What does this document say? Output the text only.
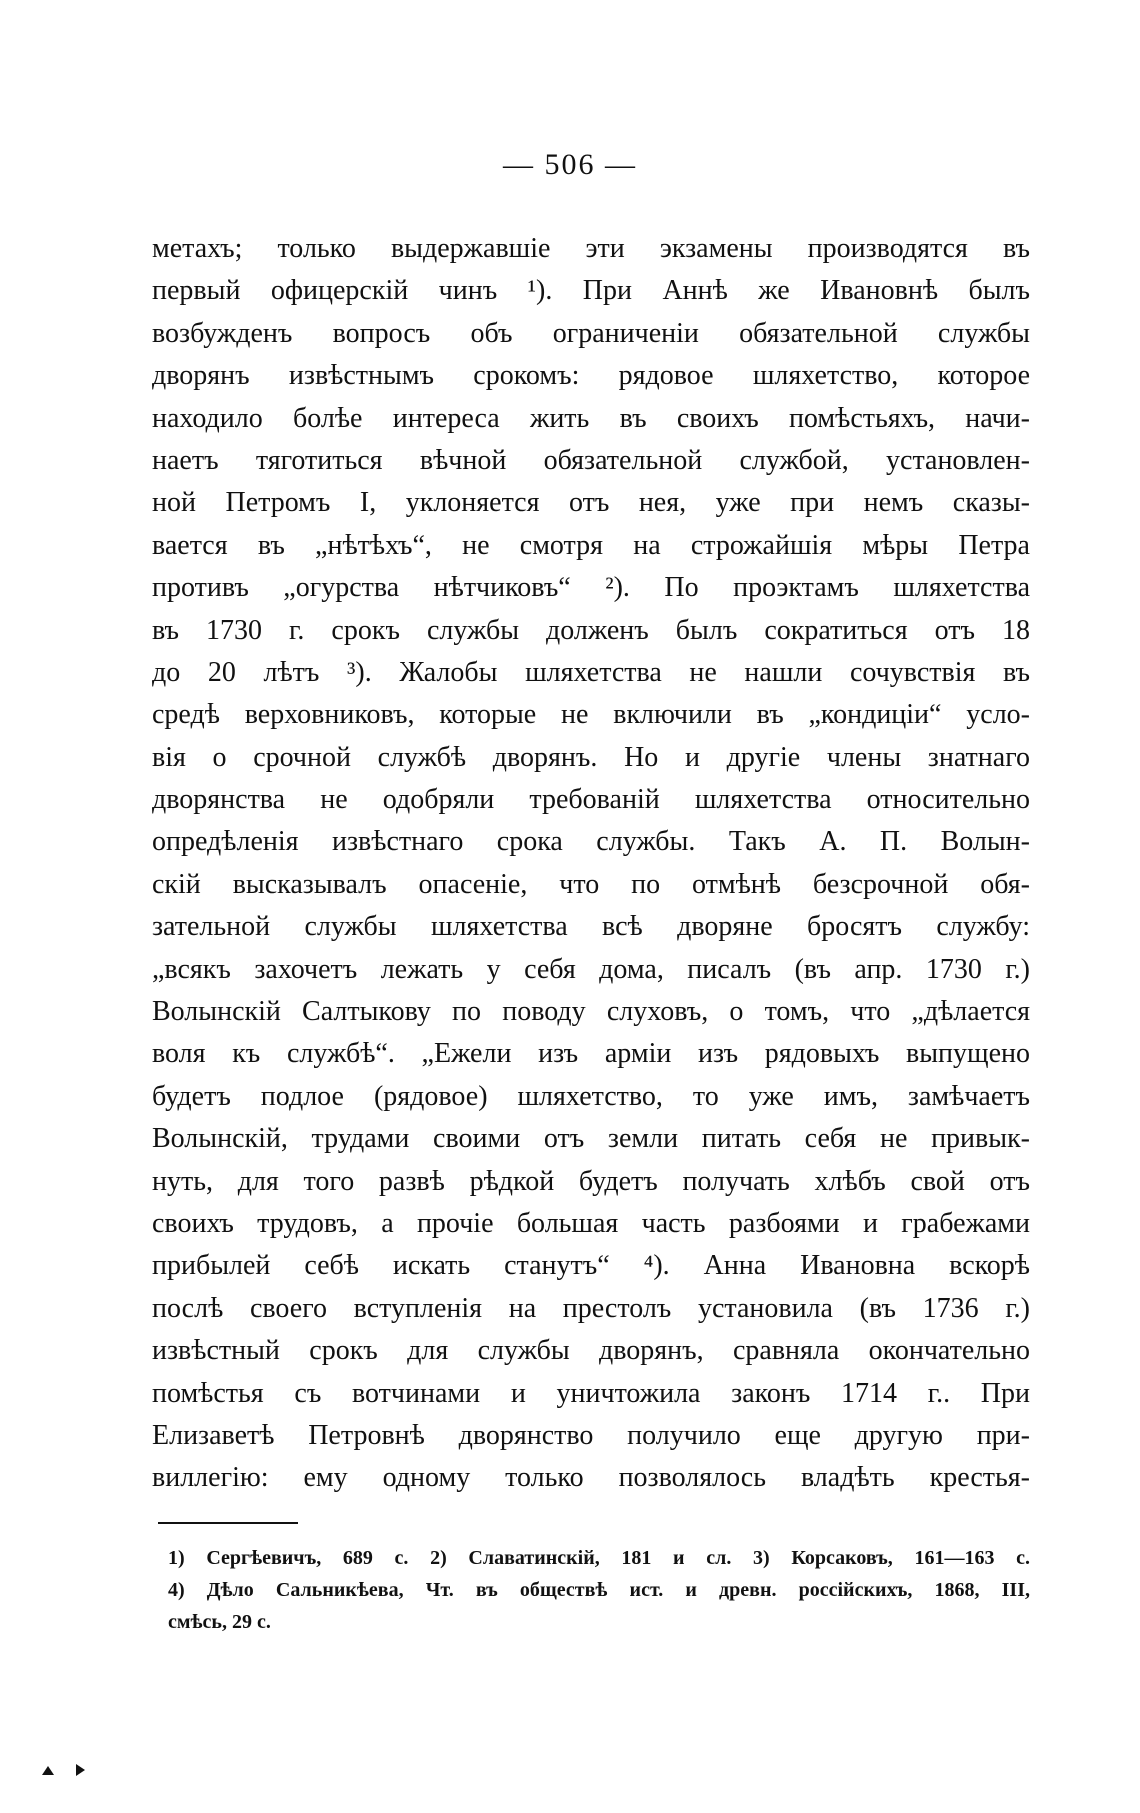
— 506 —
метахъ; только выдержавшіе эти экзамены производятся въ
первый офицерскій чинъ ¹). При Аннѣ же Ивановнѣ былъ
возбужденъ вопросъ объ ограниченіи обязательной службы
дворянъ извѣстнымъ срокомъ: рядовое шляхетство, которое
находило болѣе интереса жить въ своихъ помѣстьяхъ, начи-
наетъ тяготиться вѣчной обязательной службой, установлен-
ной Петромъ I, уклоняется отъ нея, уже при немъ сказы-
вается въ „нѣтѣхъ“, не смотря на строжайшія мѣры Петра
противъ „огурства нѣтчиковъ“ ²). По проэктамъ шляхетства
въ 1730 г. срокъ службы долженъ былъ сократиться отъ 18
до 20 лѣтъ ³). Жалобы шляхетства не нашли сочувствія въ
средѣ верховниковъ, которые не включили въ „кондиціи“ усло-
вія о срочной службѣ дворянъ. Но и другіе члены знатнаго
дворянства не одобряли требованій шляхетства относительно
опредѣленія извѣстнаго срока службы. Такъ А. П. Волын-
скій высказывалъ опасеніе, что по отмѣнѣ безсрочной обя-
зательной службы шляхетства всѣ дворяне бросятъ службу:
„всякъ захочетъ лежать у себя дома, писалъ (въ апр. 1730 г.)
Волынскій Салтыкову по поводу слуховъ, о томъ, что „дѣлается
воля къ службѣ“. „Ежели изъ арміи изъ рядовыхъ выпущено
будетъ подлое (рядовое) шляхетство, то уже имъ, замѣчаетъ
Волынскій, трудами своими отъ земли питать себя не привык-
нуть, для того развѣ рѣдкой будетъ получать хлѣбъ свой отъ
своихъ трудовъ, а прочіе большая часть разбоями и грабежами
прибылей себѣ искать станутъ“ ⁴). Анна Ивановна вскорѣ
послѣ своего вступленія на престолъ установила (въ 1736 г.)
извѣстный срокъ для службы дворянъ, сравняла окончательно
помѣстья съ вотчинами и уничтожила законъ 1714 г.. При
Елизаветѣ Петровнѣ дворянство получило еще другую при-
виллегію: ему одному только позволялось владѣть крестья-
1) Сергѣевичъ, 689 с. 2) Славатинскій, 181 и сл. 3) Корсаковъ, 161—163 с.
4) Дѣло Сальникѣева, Чт. въ обществѣ ист. и древн. россійскихъ, 1868, III,
смѣсь, 29 с.
